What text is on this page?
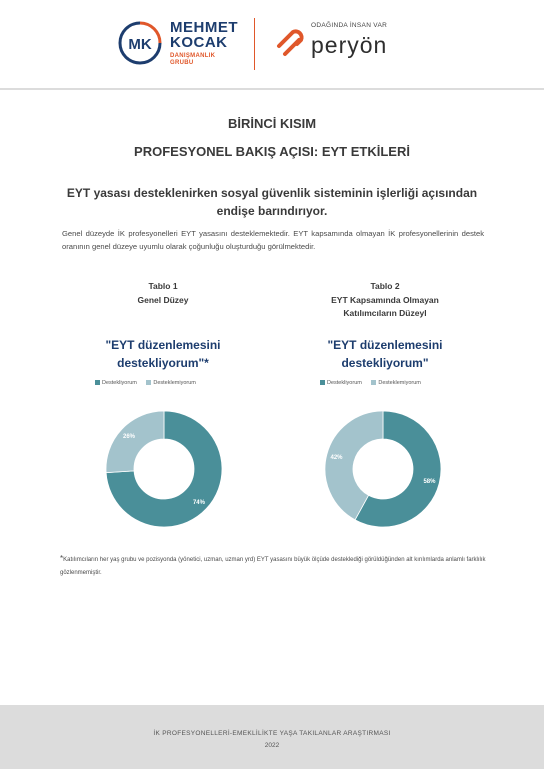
MK
MEHMET
KOCAK
DANIŞMANLIK
GRUBU
ODAĞINDA İNSAN VAR
peryön
BİRİNCİ KISIM
PROFESYONEL BAKIŞ AÇISI: EYT ETKİLERİ
EYT yasası desteklenirken sosyal güvenlik sisteminin işlerliği açısından endişe barındırıyor.
Genel düzeyde İK profesyonelleri EYT yasasını desteklemektedir. EYT kapsamında olmayan İK profesyonellerinin destek oranının genel düzeye uyumlu olarak çoğunluğu oluşturduğu görülmektedir.
Tablo 1
Genel Düzey
Tablo 2
EYT Kapsamında Olmayan
Katılımcıların Düzeyl
"EYT düzenlemesini
destekliyorum"*
"EYT düzenlemesini
destekliyorum"
Destekliyorum	Desteklemiyorum	Destekliyorum	Desteklemiyorum
74%
26%
58%
42%
*Katılımcıların her yaş grubu ve pozisyonda (yönetici, uzman, uzman yrd) EYT yasasını büyük ölçüde desteklediği görüldüğünden alt kırılımlarda anlamlı farklılık gözlenmemiştir.
İK PROFESYONELLERİ-EMEKLİLİKTE YAŞA TAKILANLAR ARAŞTIRMASI
2022
